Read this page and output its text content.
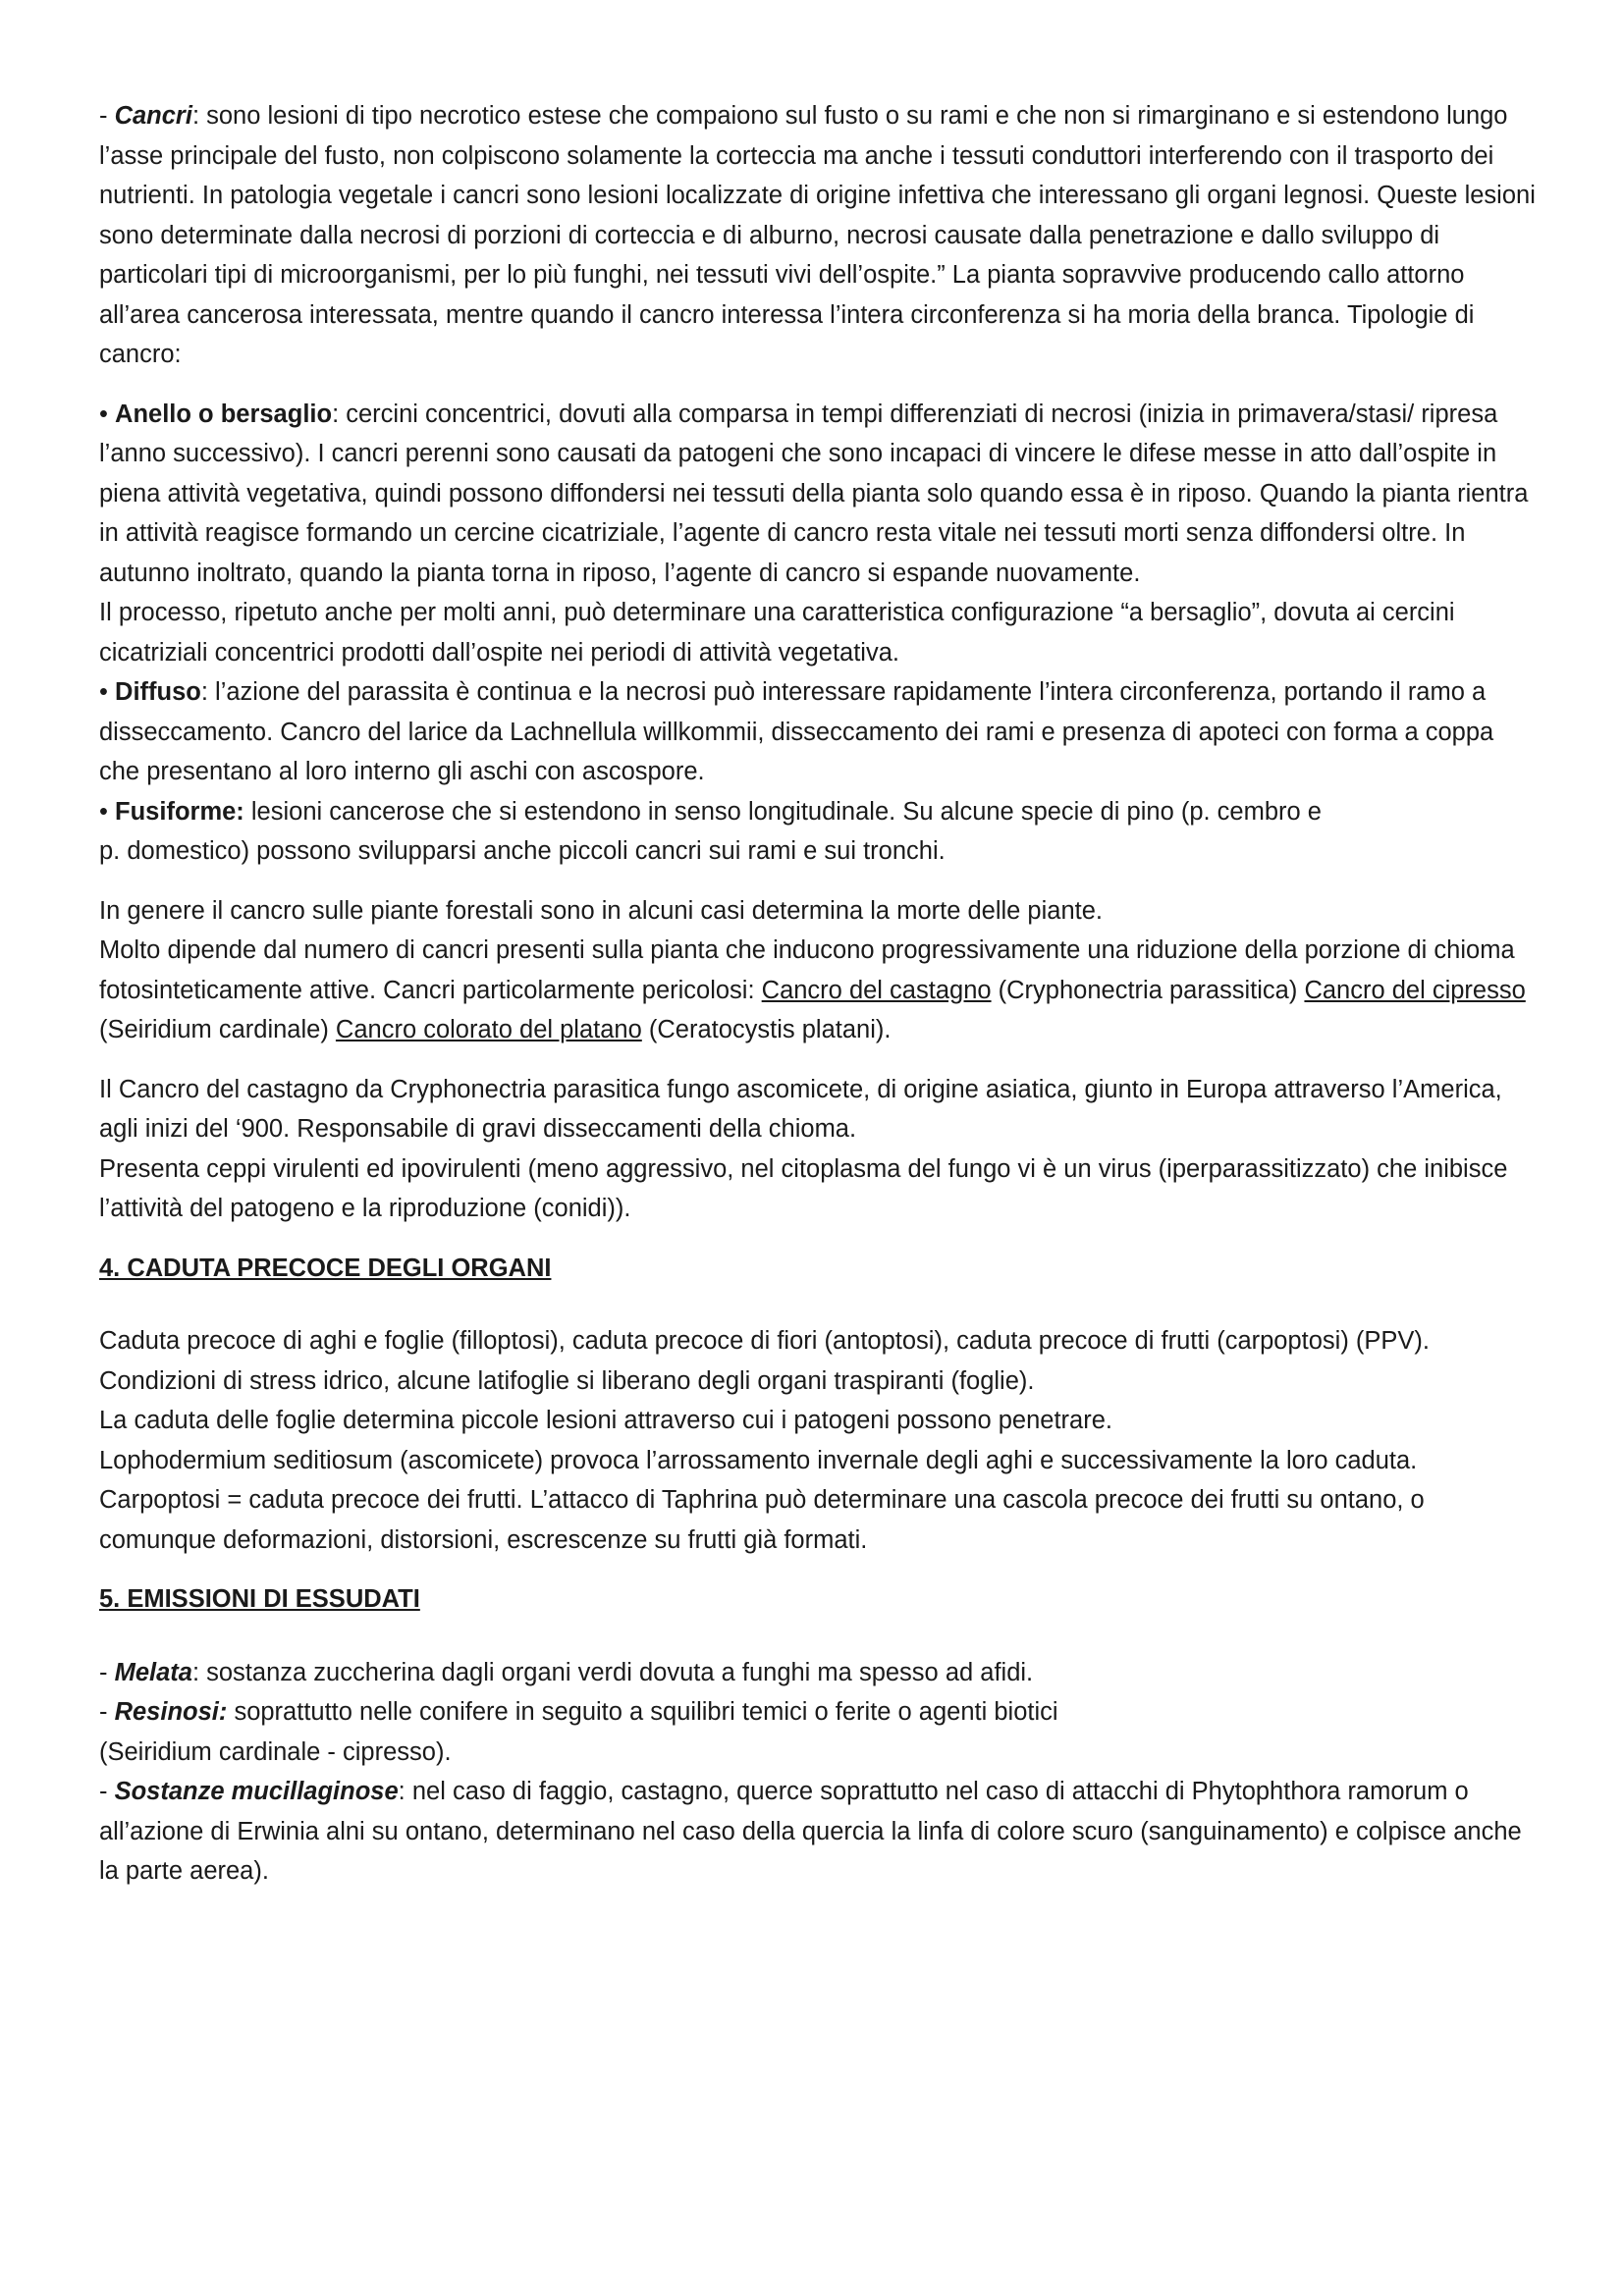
- Cancri: sono lesioni di tipo necrotico estese che compaiono sul fusto o su rami e che non si rimarginano e si estendono lungo l’asse principale del fusto, non colpiscono solamente la corteccia ma anche i tessuti conduttori interferendo con il trasporto dei nutrienti. In patologia vegetale i cancri sono lesioni localizzate di origine infettiva che interessano gli organi legnosi. Queste lesioni sono determinate dalla necrosi di porzioni di corteccia e di alburno, necrosi causate dalla penetrazione e dallo sviluppo di particolari tipi di microorganismi, per lo più funghi, nei tessuti vivi dell’ospite.” La pianta sopravvive producendo callo attorno all’area cancerosa interessata, mentre quando il cancro interessa l’intera circonferenza si ha moria della branca. Tipologie di cancro:

• Anello o bersaglio: cercini concentrici, dovuti alla comparsa in tempi differenziati di necrosi (inizia in primavera/stasi/ ripresa l’anno successivo). I cancri perenni sono causati da patogeni che sono incapaci di vincere le difese messe in atto dall’ospite in piena attività vegetativa, quindi possono diffondersi nei tessuti della pianta solo quando essa è in riposo. Quando la pianta rientra in attività reagisce formando un cercine cicatriziale, l’agente di cancro resta vitale nei tessuti morti senza diffondersi oltre. In autunno inoltrato, quando la pianta torna in riposo, l’agente di cancro si espande nuovamente.
Il processo, ripetuto anche per molti anni, può determinare una caratteristica configurazione “a bersaglio”, dovuta ai cercini cicatriziali concentrici prodotti dall’ospite nei periodi di attività vegetativa.
• Diffuso: l’azione del parassita è continua e la necrosi può interessare rapidamente l’intera circonferenza, portando il ramo a disseccamento. Cancro del larice da Lachnellula willkommii, disseccamento dei rami e presenza di apoteci con forma a coppa che presentano al loro interno gli aschi con ascospore.
• Fusiforme: lesioni cancerose che si estendono in senso longitudinale. Su alcune specie di pino (p. cembro e
p. domestico) possono svilupparsi anche piccoli cancri sui rami e sui tronchi.
In genere il cancro sulle piante forestali sono in alcuni casi determina la morte delle piante.
Molto dipende dal numero di cancri presenti sulla pianta che inducono progressivamente una riduzione della porzione di chioma fotosinteticamente attive. Cancri particolarmente pericolosi: Cancro del castagno (Cryphonectria parassitica) Cancro del cipresso (Seiridium cardinale) Cancro colorato del platano (Ceratocystis platani).
Il Cancro del castagno da Cryphonectria parasitica fungo ascomicete, di origine asiatica, giunto in Europa attraverso l’America, agli inizi del ‘900. Responsabile di gravi disseccamenti della chioma.
Presenta ceppi virulenti ed ipovirulenti (meno aggressivo, nel citoplasma del fungo vi è un virus (iperparassitizzato) che inibisce l’attività del patogeno e la riproduzione (conidi)).
4. CADUTA PRECOCE DEGLI ORGANI
Caduta precoce di aghi e foglie (filloptosi), caduta precoce di fiori (antoptosi), caduta precoce di frutti (carpoptosi) (PPV). Condizioni di stress idrico, alcune latifoglie si liberano degli organi traspiranti (foglie).
La caduta delle foglie determina piccole lesioni attraverso cui i patogeni possono penetrare.
Lophodermium seditiosum (ascomicete) provoca l’arrossamento invernale degli aghi e successivamente la loro caduta. Carpoptosi = caduta precoce dei frutti. L’attacco di Taphrina può determinare una cascola precoce dei frutti su ontano, o comunque deformazioni, distorsioni, escrescenze su frutti già formati.
5. EMISSIONI DI ESSUDATI
- Melata: sostanza zuccherina dagli organi verdi dovuta a funghi ma spesso ad afidi.
- Resinosi: soprattutto nelle conifere in seguito a squilibri temici o ferite o agenti biotici
(Seiridium cardinale - cipresso).
- Sostanze mucillaginose: nel caso di faggio, castagno, querce soprattutto nel caso di attacchi di Phytophthora ramorum o all’azione di Erwinia alni su ontano, determinano nel caso della quercia la linfa di colore scuro (sanguinamento) e colpisce anche la parte aerea).
